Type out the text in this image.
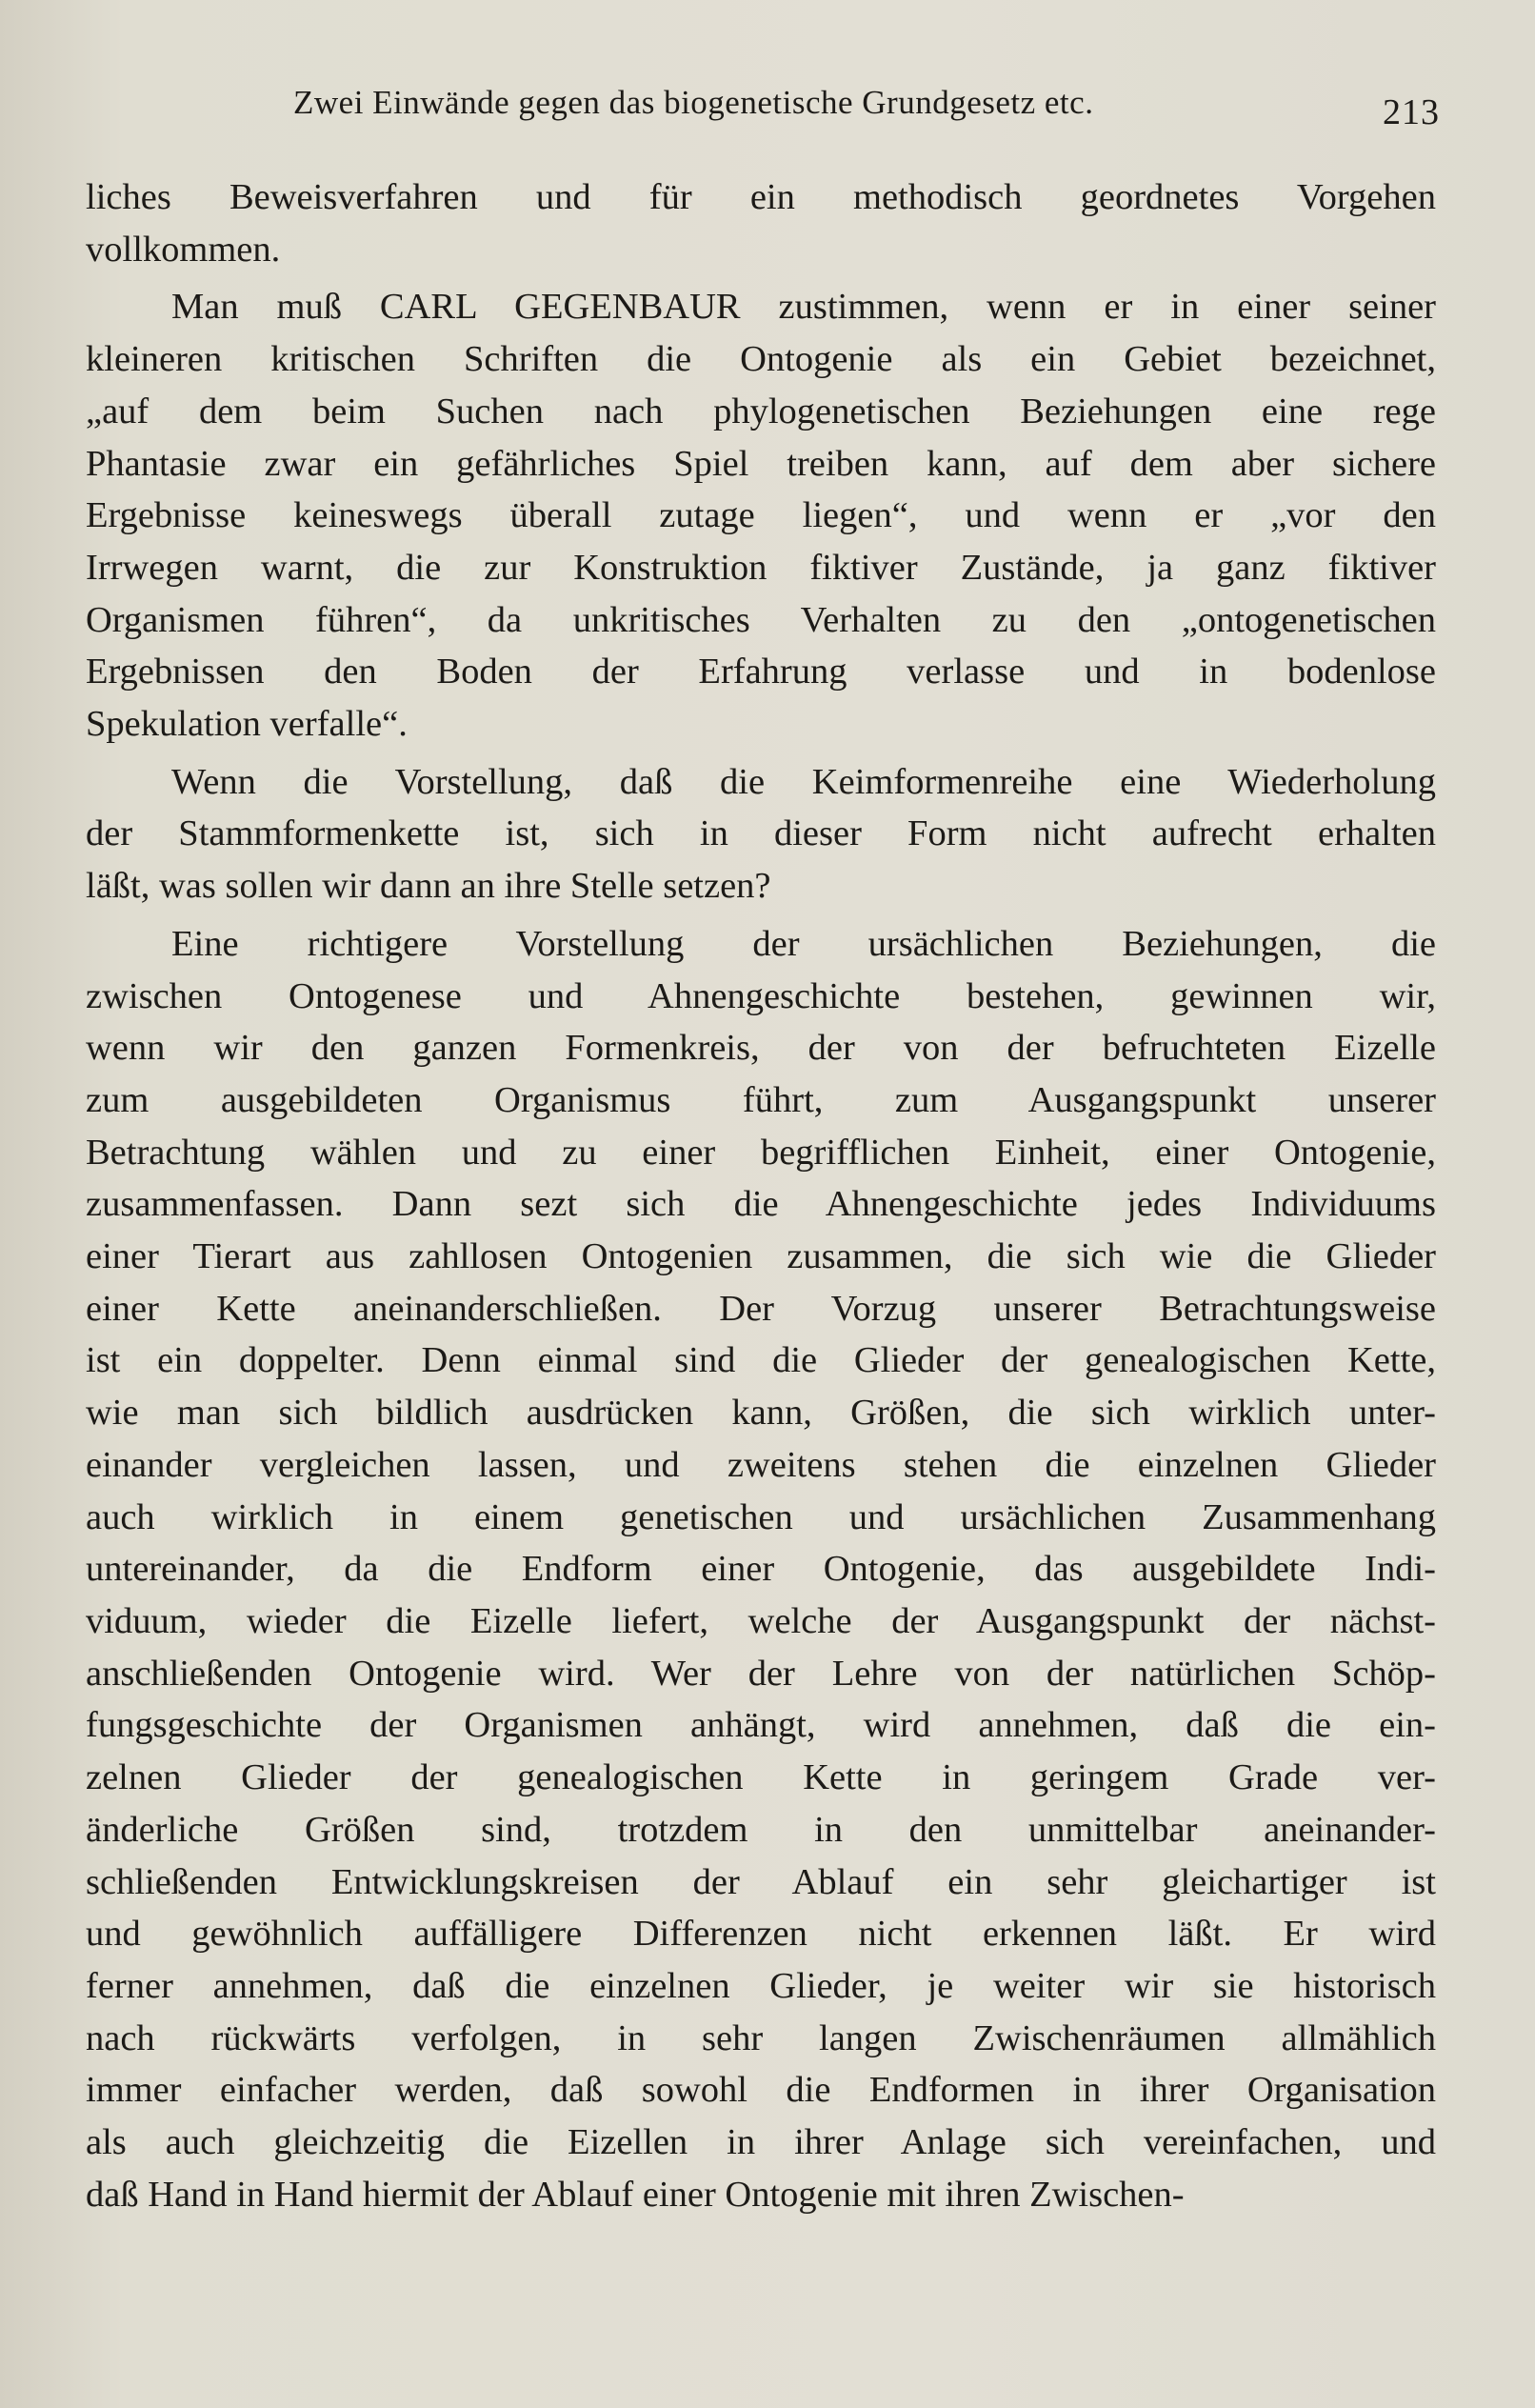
Zwei Einwände gegen das biogenetische Grundgesetz etc.	213
liches Beweisverfahren und für ein methodisch geordnetes Vorgehen
vollkommen.
Man muß CARL GEGENBAUR zustimmen, wenn er in einer seiner
kleineren kritischen Schriften die Ontogenie als ein Gebiet bezeichnet,
„auf dem beim Suchen nach phylogenetischen Beziehungen eine rege
Phantasie zwar ein gefährliches Spiel treiben kann, auf dem aber sichere
Ergebnisse keineswegs überall zutage liegen“, und wenn er „vor den
Irrwegen warnt, die zur Konstruktion fiktiver Zustände, ja ganz fiktiver
Organismen führen“, da unkritisches Verhalten zu den „ontogenetischen
Ergebnissen den Boden der Erfahrung verlasse und in bodenlose
Spekulation verfalle“.
Wenn die Vorstellung, daß die Keimformenreihe eine Wiederholung
der Stammformenkette ist, sich in dieser Form nicht aufrecht erhalten
läßt, was sollen wir dann an ihre Stelle setzen?
Eine richtigere Vorstellung der ursächlichen Beziehungen, die
zwischen Ontogenese und Ahnengeschichte bestehen, gewinnen wir,
wenn wir den ganzen Formenkreis, der von der befruchteten Eizelle
zum ausgebildeten Organismus führt, zum Ausgangspunkt unserer
Betrachtung wählen und zu einer begrifflichen Einheit, einer Ontogenie,
zusammenfassen. Dann sezt sich die Ahnengeschichte jedes Individuums
einer Tierart aus zahllosen Ontogenien zusammen, die sich wie die Glieder
einer Kette aneinanderschließen. Der Vorzug unserer Betrachtungsweise
ist ein doppelter. Denn einmal sind die Glieder der genealogischen Kette,
wie man sich bildlich ausdrücken kann, Größen, die sich wirklich unter-
einander vergleichen lassen, und zweitens stehen die einzelnen Glieder
auch wirklich in einem genetischen und ursächlichen Zusammenhang
untereinander, da die Endform einer Ontogenie, das ausgebildete Indi-
viduum, wieder die Eizelle liefert, welche der Ausgangspunkt der nächst-
anschließenden Ontogenie wird. Wer der Lehre von der natürlichen Schöp-
fungsgeschichte der Organismen anhängt, wird annehmen, daß die ein-
zelnen Glieder der genealogischen Kette in geringem Grade ver-
änderliche Größen sind, trotzdem in den unmittelbar aneinander-
schließenden Entwicklungskreisen der Ablauf ein sehr gleichartiger ist
und gewöhnlich auffälligere Differenzen nicht erkennen läßt. Er wird
ferner annehmen, daß die einzelnen Glieder, je weiter wir sie historisch
nach rückwärts verfolgen, in sehr langen Zwischenräumen allmählich
immer einfacher werden, daß sowohl die Endformen in ihrer Organisation
als auch gleichzeitig die Eizellen in ihrer Anlage sich vereinfachen, und
daß Hand in Hand hiermit der Ablauf einer Ontogenie mit ihren Zwischen-
